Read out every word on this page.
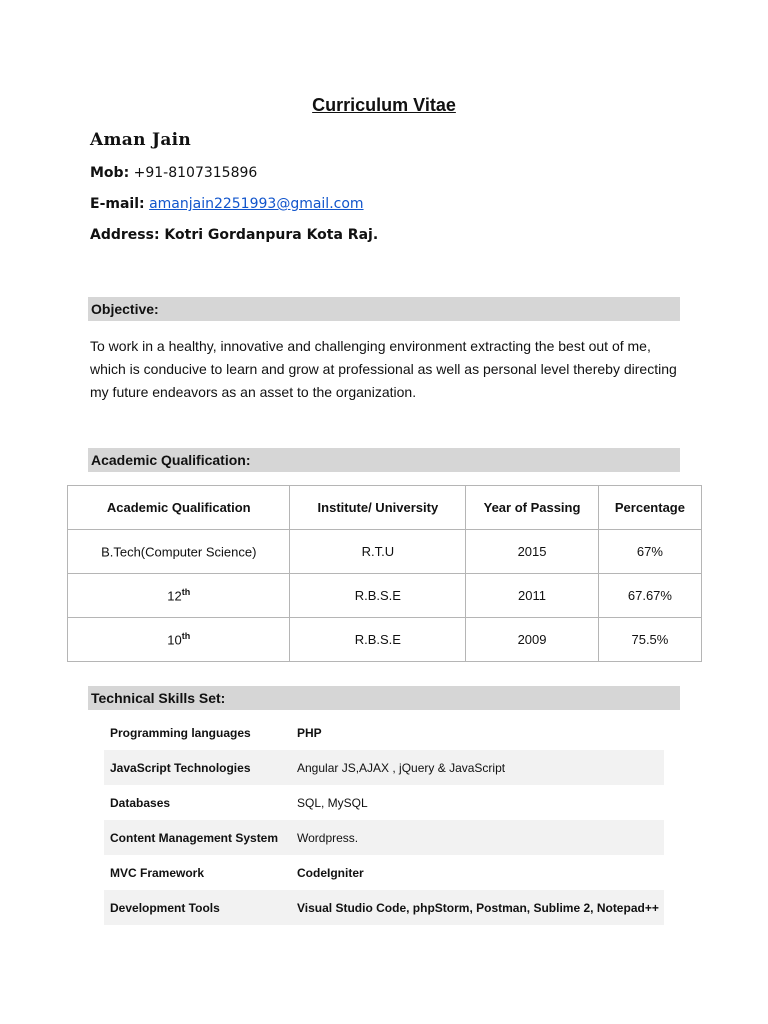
Curriculum Vitae
Aman Jain
Mob: +91-8107315896
E-mail: amanjain2251993@gmail.com
Address: Kotri Gordanpura Kota Raj.
Objective:
To work in a healthy, innovative and challenging environment extracting the best out of me, which is conducive to learn and grow at professional as well as personal level thereby directing my future endeavors as an asset to the organization.
Academic Qualification:
Academic Qualification	Institute/ University	Year of Passing	Percentage
B.Tech(Computer Science)	R.T.U	2015	67%
12th	R.B.S.E	2011	67.67%
10th	R.B.S.E	2009	75.5%
Technical Skills Set:
Programming languages	PHP
JavaScript Technologies	Angular JS,AJAX , jQuery & JavaScript
Databases	SQL, MySQL
Content Management System	Wordpress.
MVC Framework	CodeIgniter
Development Tools	Visual Studio Code, phpStorm, Postman, Sublime 2, Notepad++
